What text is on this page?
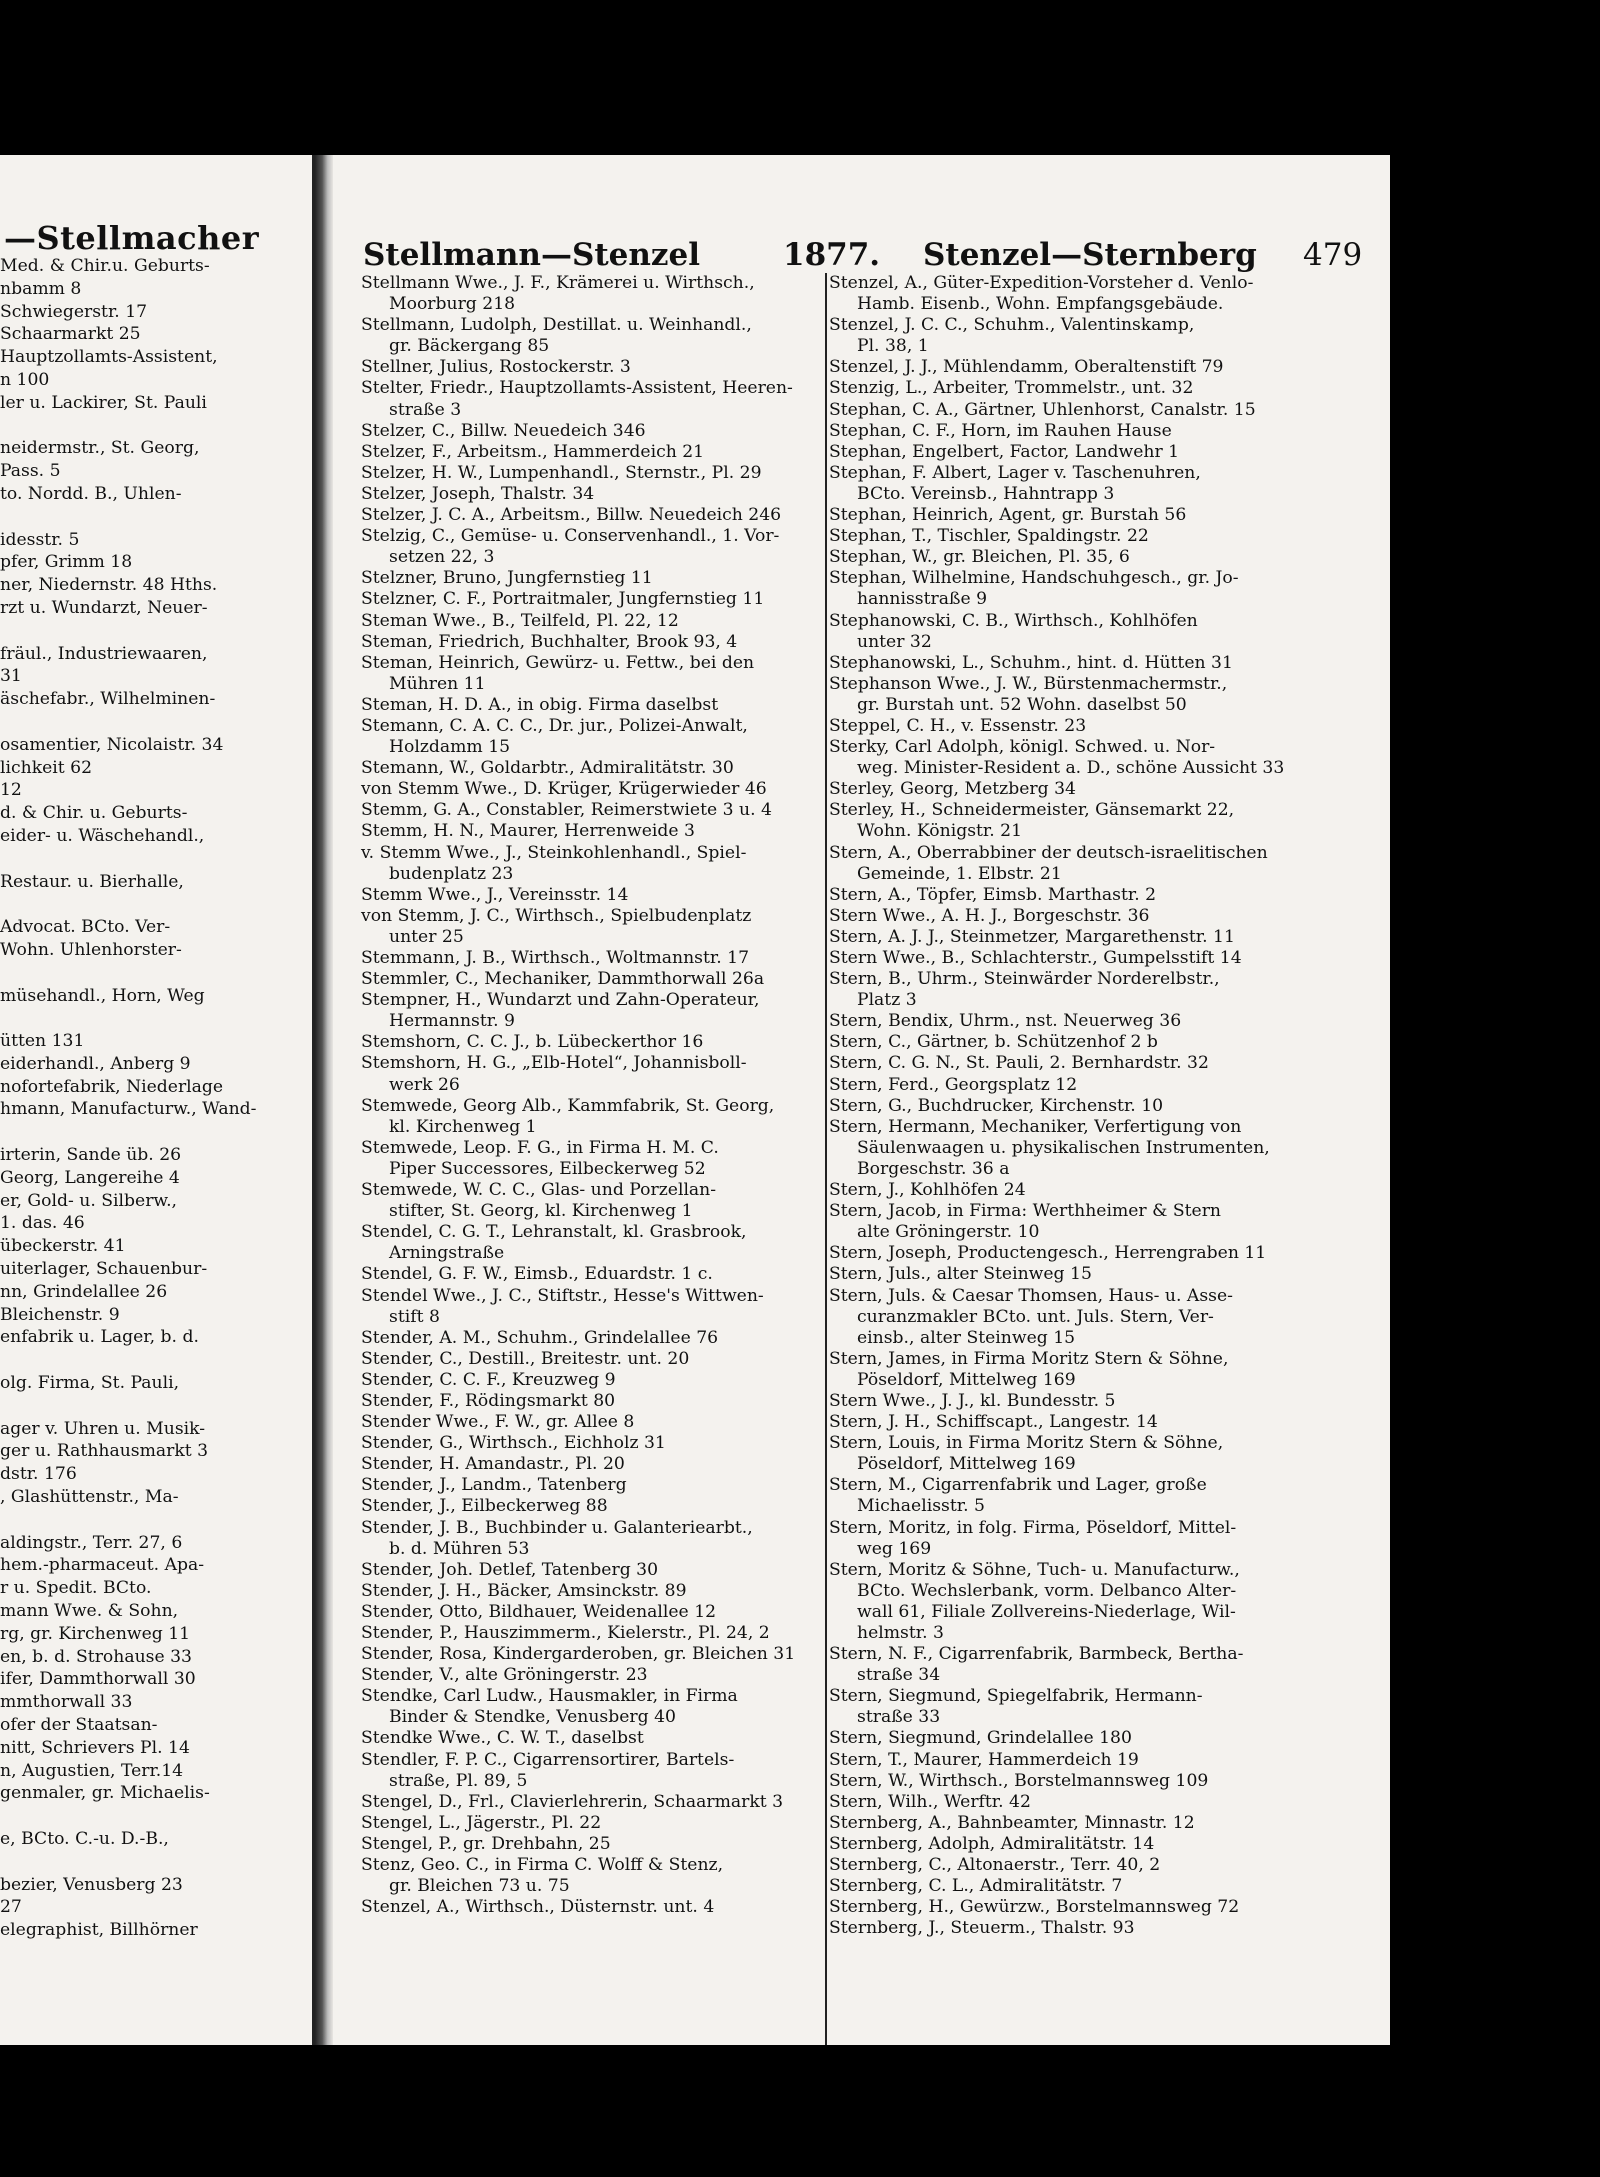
—Stellmacher
Med. & Chir.u. Geburts-
nbamm 8
Schwiegerstr. 17
Schaarmarkt 25
Hauptzollamts-Assistent,
n 100
ler u. Lackirer, St. Pauli

neidermstr., St. Georg,
Pass. 5
to. Nordd. B., Uhlen-

idesstr. 5
pfer, Grimm 18
ner, Niedernstr. 48 Hths.
rzt u. Wundarzt, Neuer-

fräul., Industriewaaren,
31
äschefabr., Wilhelminen-

osamentier, Nicolaistr. 34
lichkeit 62
12
d. & Chir. u. Geburts-
eider- u. Wäschehandl.,

Restaur. u. Bierhalle,

Advocat. BCto. Ver-
Wohn. Uhlenhorster-

müsehandl., Horn, Weg

ütten 131
eiderhandl., Anberg 9
nofortefabrik, Niederlage
hmann, Manufacturw., Wand-

irterin, Sande üb. 26
Georg, Langereihe 4
er, Gold- u. Silberw.,
1. das. 46
übeckerstr. 41
uiterlager, Schauenbur-
nn, Grindelallee 26
Bleichenstr. 9
enfabrik u. Lager, b. d.

olg. Firma, St. Pauli,

ager v. Uhren u. Musik-
ger u. Rathhausmarkt 3
dstr. 176
, Glashüttenstr., Ma-

aldingstr., Terr. 27, 6
hem.-pharmaceut. Apa-
r u. Spedit. BCto.
mann Wwe. & Sohn,
rg, gr. Kirchenweg 11
en, b. d. Strohause 33
ifer, Dammthorwall 30
mmthorwall 33
ofer der Staatsan-
nitt, Schrievers Pl. 14
n, Augustien, Terr.14
genmaler, gr. Michaelis-

e, BCto. C.-u. D.-B.,

bezier, Venusberg 23
27
elegraphist, Billhörner
Stellmann—Stenzel	1877. Stenzel—Sternberg 479
Stellmann Wwe., J. F., Krämerei u. Wirthsch.,
Moorburg 218
Stellmann, Ludolph, Destillat. u. Weinhandl.,
gr. Bäckergang 85
Stellner, Julius, Rostockerstr. 3
Stelter, Friedr., Hauptzollamts-Assistent, Heeren-
straße 3
Stelzer, C., Billw. Neuedeich 346
Stelzer, F., Arbeitsm., Hammerdeich 21
Stelzer, H. W., Lumpenhandl., Sternstr., Pl. 29
Stelzer, Joseph, Thalstr. 34
Stelzer, J. C. A., Arbeitsm., Billw. Neuedeich 246
Stelzig, C., Gemüse- u. Conservenhandl., 1. Vor-
setzen 22, 3
Stelzner, Bruno, Jungfernstieg 11
Stelzner, C. F., Portraitmaler, Jungfernstieg 11
Steman Wwe., B., Teilfeld, Pl. 22, 12
Steman, Friedrich, Buchhalter, Brook 93, 4
Steman, Heinrich, Gewürz- u. Fettw., bei den
Mühren 11
Steman, H. D. A., in obig. Firma daselbst
Stemann, C. A. C. C., Dr. jur., Polizei-Anwalt,
Holzdamm 15
Stemann, W., Goldarbtr., Admiralitätstr. 30
von Stemm Wwe., D. Krüger, Krügerwieder 46
Stemm, G. A., Constabler, Reimerstwiete 3 u. 4
Stemm, H. N., Maurer, Herrenweide 3
v. Stemm Wwe., J., Steinkohlenhandl., Spiel-
budenplatz 23
Stemm Wwe., J., Vereinsstr. 14
von Stemm, J. C., Wirthsch., Spielbudenplatz
unter 25
Stemmann, J. B., Wirthsch., Woltmannstr. 17
Stemmler, C., Mechaniker, Dammthorwall 26a
Stempner, H., Wundarzt und Zahn-Operateur,
Hermannstr. 9
Stemshorn, C. C. J., b. Lübeckerthor 16
Stemshorn, H. G., „Elb-Hotel“, Johannisboll-
werk 26
Stemwede, Georg Alb., Kammfabrik, St. Georg,
kl. Kirchenweg 1
Stemwede, Leop. F. G., in Firma H. M. C.
Piper Successores, Eilbeckerweg 52
Stemwede, W. C. C., Glas- und Porzellan-
stifter, St. Georg, kl. Kirchenweg 1
Stendel, C. G. T., Lehranstalt, kl. Grasbrook,
Arningstraße
Stendel, G. F. W., Eimsb., Eduardstr. 1 c.
Stendel Wwe., J. C., Stiftstr., Hesse's Wittwen-
stift 8
Stender, A. M., Schuhm., Grindelallee 76
Stender, C., Destill., Breitestr. unt. 20
Stender, C. C. F., Kreuzweg 9
Stender, F., Rödingsmarkt 80
Stender Wwe., F. W., gr. Allee 8
Stender, G., Wirthsch., Eichholz 31
Stender, H. Amandastr., Pl. 20
Stender, J., Landm., Tatenberg
Stender, J., Eilbeckerweg 88
Stender, J. B., Buchbinder u. Galanteriearbt.,
b. d. Mühren 53
Stender, Joh. Detlef, Tatenberg 30
Stender, J. H., Bäcker, Amsinckstr. 89
Stender, Otto, Bildhauer, Weidenallee 12
Stender, P., Hauszimmerm., Kielerstr., Pl. 24, 2
Stender, Rosa, Kindergarderoben, gr. Bleichen 31
Stender, V., alte Gröningerstr. 23
Stendke, Carl Ludw., Hausmakler, in Firma
Binder & Stendke, Venusberg 40
Stendke Wwe., C. W. T., daselbst
Stendler, F. P. C., Cigarrensortirer, Bartels-
straße, Pl. 89, 5
Stengel, D., Frl., Clavierlehrerin, Schaarmarkt 3
Stengel, L., Jägerstr., Pl. 22
Stengel, P., gr. Drehbahn, 25
Stenz, Geo. C., in Firma C. Wolff & Stenz,
gr. Bleichen 73 u. 75
Stenzel, A., Wirthsch., Düsternstr. unt. 4
Stenzel, A., Güter-Expedition-Vorsteher d. Venlo-
Hamb. Eisenb., Wohn. Empfangsgebäude.
Stenzel, J. C. C., Schuhm., Valentinskamp,
Pl. 38, 1
Stenzel, J. J., Mühlendamm, Oberaltenstift 79
Stenzig, L., Arbeiter, Trommelstr., unt. 32
Stephan, C. A., Gärtner, Uhlenhorst, Canalstr. 15
Stephan, C. F., Horn, im Rauhen Hause
Stephan, Engelbert, Factor, Landwehr 1
Stephan, F. Albert, Lager v. Taschenuhren,
BCto. Vereinsb., Hahntrapp 3
Stephan, Heinrich, Agent, gr. Burstah 56
Stephan, T., Tischler, Spaldingstr. 22
Stephan, W., gr. Bleichen, Pl. 35, 6
Stephan, Wilhelmine, Handschuhgesch., gr. Jo-
hannisstraße 9
Stephanowski, C. B., Wirthsch., Kohlhöfen
unter 32
Stephanowski, L., Schuhm., hint. d. Hütten 31
Stephanson Wwe., J. W., Bürstenmachermstr.,
gr. Burstah unt. 52 Wohn. daselbst 50
Steppel, C. H., v. Essenstr. 23
Sterky, Carl Adolph, königl. Schwed. u. Nor-
weg. Minister-Resident a. D., schöne Aussicht 33
Sterley, Georg, Metzberg 34
Sterley, H., Schneidermeister, Gänsemarkt 22,
Wohn. Königstr. 21
Stern, A., Oberrabbiner der deutsch-israelitischen
Gemeinde, 1. Elbstr. 21
Stern, A., Töpfer, Eimsb. Marthastr. 2
Stern Wwe., A. H. J., Borgeschstr. 36
Stern, A. J. J., Steinmetzer, Margarethenstr. 11
Stern Wwe., B., Schlachterstr., Gumpelsstift 14
Stern, B., Uhrm., Steinwärder Norderelbstr.,
Platz 3
Stern, Bendix, Uhrm., nst. Neuerweg 36
Stern, C., Gärtner, b. Schützenhof 2 b
Stern, C. G. N., St. Pauli, 2. Bernhardstr. 32
Stern, Ferd., Georgsplatz 12
Stern, G., Buchdrucker, Kirchenstr. 10
Stern, Hermann, Mechaniker, Verfertigung von
Säulenwaagen u. physikalischen Instrumenten,
Borgeschstr. 36 a
Stern, J., Kohlhöfen 24
Stern, Jacob, in Firma: Werthheimer & Stern
alte Gröningerstr. 10
Stern, Joseph, Productengesch., Herrengraben 11
Stern, Juls., alter Steinweg 15
Stern, Juls. & Caesar Thomsen, Haus- u. Asse-
curanzmakler BCto. unt. Juls. Stern, Ver-
einsb., alter Steinweg 15
Stern, James, in Firma Moritz Stern & Söhne,
Pöseldorf, Mittelweg 169
Stern Wwe., J. J., kl. Bundesstr. 5
Stern, J. H., Schiffscapt., Langestr. 14
Stern, Louis, in Firma Moritz Stern & Söhne,
Pöseldorf, Mittelweg 169
Stern, M., Cigarrenfabrik und Lager, große
Michaelisstr. 5
Stern, Moritz, in folg. Firma, Pöseldorf, Mittel-
weg 169
Stern, Moritz & Söhne, Tuch- u. Manufacturw.,
BCto. Wechslerbank, vorm. Delbanco Alter-
wall 61, Filiale Zollvereins-Niederlage, Wil-
helmstr. 3
Stern, N. F., Cigarrenfabrik, Barmbeck, Bertha-
straße 34
Stern, Siegmund, Spiegelfabrik, Hermann-
straße 33
Stern, Siegmund, Grindelallee 180
Stern, T., Maurer, Hammerdeich 19
Stern, W., Wirthsch., Borstelmannsweg 109
Stern, Wilh., Werftr. 42
Sternberg, A., Bahnbeamter, Minnastr. 12
Sternberg, Adolph, Admiralitätstr. 14
Sternberg, C., Altonaerstr., Terr. 40, 2
Sternberg, C. L., Admiralitätstr. 7
Sternberg, H., Gewürzw., Borstelmannsweg 72
Sternberg, J., Steuerm., Thalstr. 93
